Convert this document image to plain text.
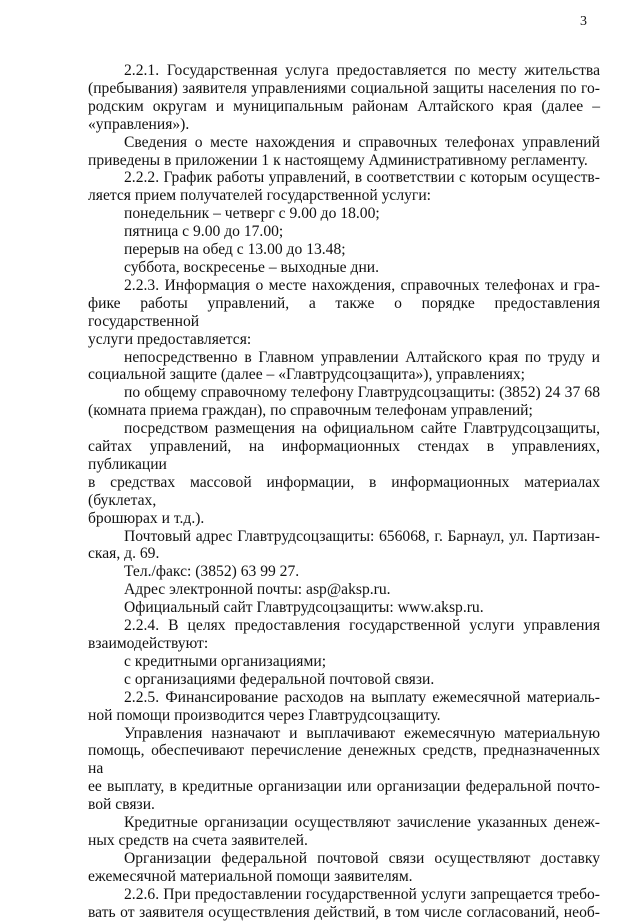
3

2.2.1. Государственная услуга предоставляется по месту жительства

(пребывания) заявителя управлениями социальной защиты населения по го-

родским округам и муниципальным районам Алтайского края (далее –

«управления»).

Сведения о месте нахождения и справочных телефонах управлений

приведены в приложении 1 к настоящему Административному регламенту.

2.2.2. График работы управлений, в соответствии с которым осуществ-

ляется прием получателей государственной услуги:

понедельник – четверг с 9.00 до 18.00;

пятница с 9.00 до 17.00;

перерыв на обед с 13.00 до 13.48;

суббота, воскресенье – выходные дни.

2.2.3. Информация о месте нахождения, справочных телефонах и гра-

фике работы управлений, а также о порядке предоставления государственной

услуги предоставляется:

непосредственно в Главном управлении Алтайского края по труду и

социальной защите (далее – «Главтрудсоцзащита»), управлениях;

по общему справочному телефону Главтрудсоцзащиты: (3852) 24 37 68

(комната приема граждан), по справочным телефонам управлений;

посредством размещения на официальном сайте Главтрудсоцзащиты,

сайтах управлений, на информационных стендах в управлениях, публикации

в средствах массовой информации, в информационных материалах (буклетах,

брошюрах и т.д.).

Почтовый адрес Главтрудсоцзащиты: 656068, г. Барнаул, ул. Партизан-

ская, д. 69.

Тел./факс: (3852) 63 99 27.

Адрес электронной почты: asp@aksp.ru.

Официальный сайт Главтрудсоцзащиты: www.aksp.ru.

2.2.4. В целях предоставления государственной услуги управления

взаимодействуют:

с кредитными организациями;

с организациями федеральной почтовой связи.

2.2.5. Финансирование расходов на выплату ежемесячной материаль-

ной помощи производится через Главтрудсоцзащиту.

Управления назначают и выплачивают ежемесячную материальную

помощь, обеспечивают перечисление денежных средств, предназначенных на

ее выплату, в кредитные организации или организации федеральной почто-

вой связи.

Кредитные организации осуществляют зачисление указанных денеж-

ных средств на счета заявителей.

Организации федеральной почтовой связи осуществляют доставку

ежемесячной материальной помощи заявителям.

2.2.6. При предоставлении государственной услуги запрещается требо-

вать от заявителя осуществления действий, в том числе согласований, необ-
